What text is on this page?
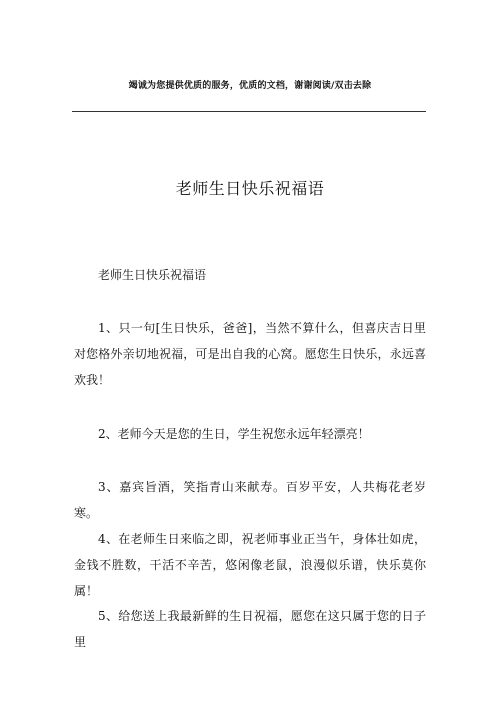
竭诚为您提供优质的服务，优质的文档，谢谢阅读/双击去除
老师生日快乐祝福语
老师生日快乐祝福语

1、只一句[生日快乐，爸爸]，当然不算什么，但喜庆吉日里对您格外亲切地祝福，可是出自我的心窝。愿您生日快乐，永远喜欢我！

2、老师今天是您的生日，学生祝您永远年轻漂亮！

3、嘉宾旨酒，笑指青山来献寿。百岁平安，人共梅花老岁寒。

4、在老师生日来临之即，祝老师事业正当午，身体壮如虎，金钱不胜数，干活不辛苦，悠闲像老鼠，浪漫似乐谱，快乐莫你属！

5、给您送上我最新鲜的生日祝福，愿您在这只属于您的日子里
